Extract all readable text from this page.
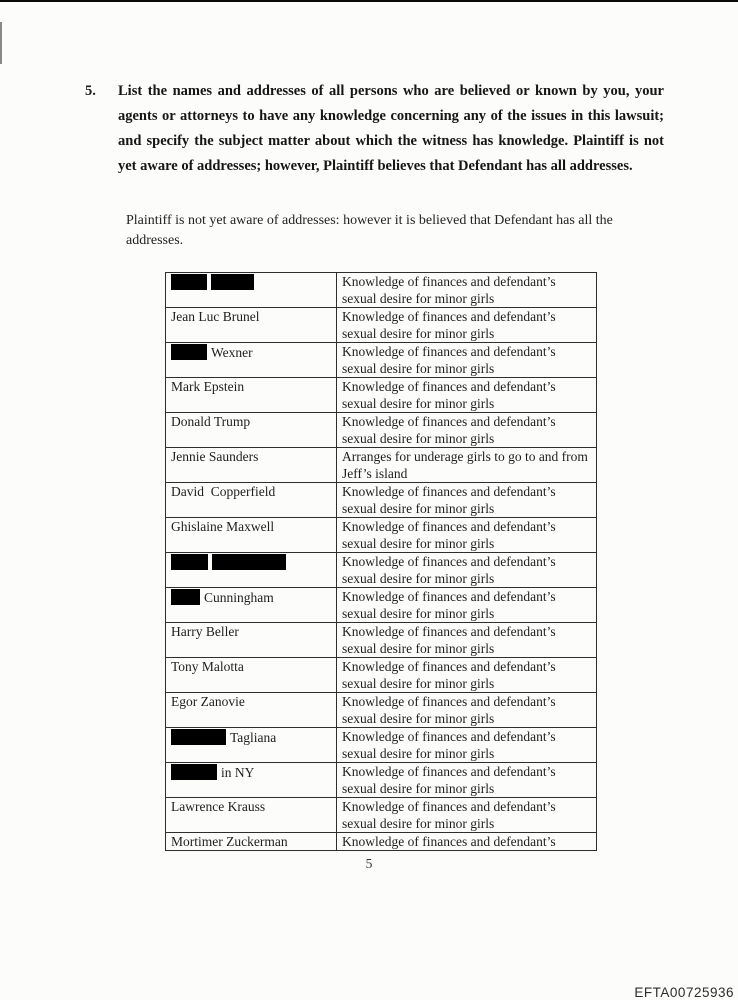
5. List the names and addresses of all persons who are believed or known by you, your agents or attorneys to have any knowledge concerning any of the issues in this lawsuit; and specify the subject matter about which the witness has knowledge. Plaintiff is not yet aware of addresses; however, Plaintiff believes that Defendant has all addresses.
Plaintiff is not yet aware of addresses: however it is believed that Defendant has all the addresses.
	Knowledge of finances and defendant’s sexual desire for minor girls
Jean Luc Brunel	Knowledge of finances and defendant’s sexual desire for minor girls
Wexner	Knowledge of finances and defendant’s sexual desire for minor girls
Mark Epstein	Knowledge of finances and defendant’s sexual desire for minor girls
Donald Trump	Knowledge of finances and defendant’s sexual desire for minor girls
Jennie Saunders	Arranges for underage girls to go to and from Jeff’s island
David  Copperfield	Knowledge of finances and defendant’s sexual desire for minor girls
Ghislaine Maxwell	Knowledge of finances and defendant’s sexual desire for minor girls
	Knowledge of finances and defendant’s sexual desire for minor girls
Cunningham	Knowledge of finances and defendant’s sexual desire for minor girls
Harry Beller	Knowledge of finances and defendant’s sexual desire for minor girls
Tony Malotta	Knowledge of finances and defendant’s sexual desire for minor girls
Egor Zanovie	Knowledge of finances and defendant’s sexual desire for minor girls
Tagliana	Knowledge of finances and defendant’s sexual desire for minor girls
in NY	Knowledge of finances and defendant’s sexual desire for minor girls
Lawrence Krauss	Knowledge of finances and defendant’s sexual desire for minor girls
Mortimer Zuckerman	Knowledge of finances and defendant’s
5
EFTA00725936
